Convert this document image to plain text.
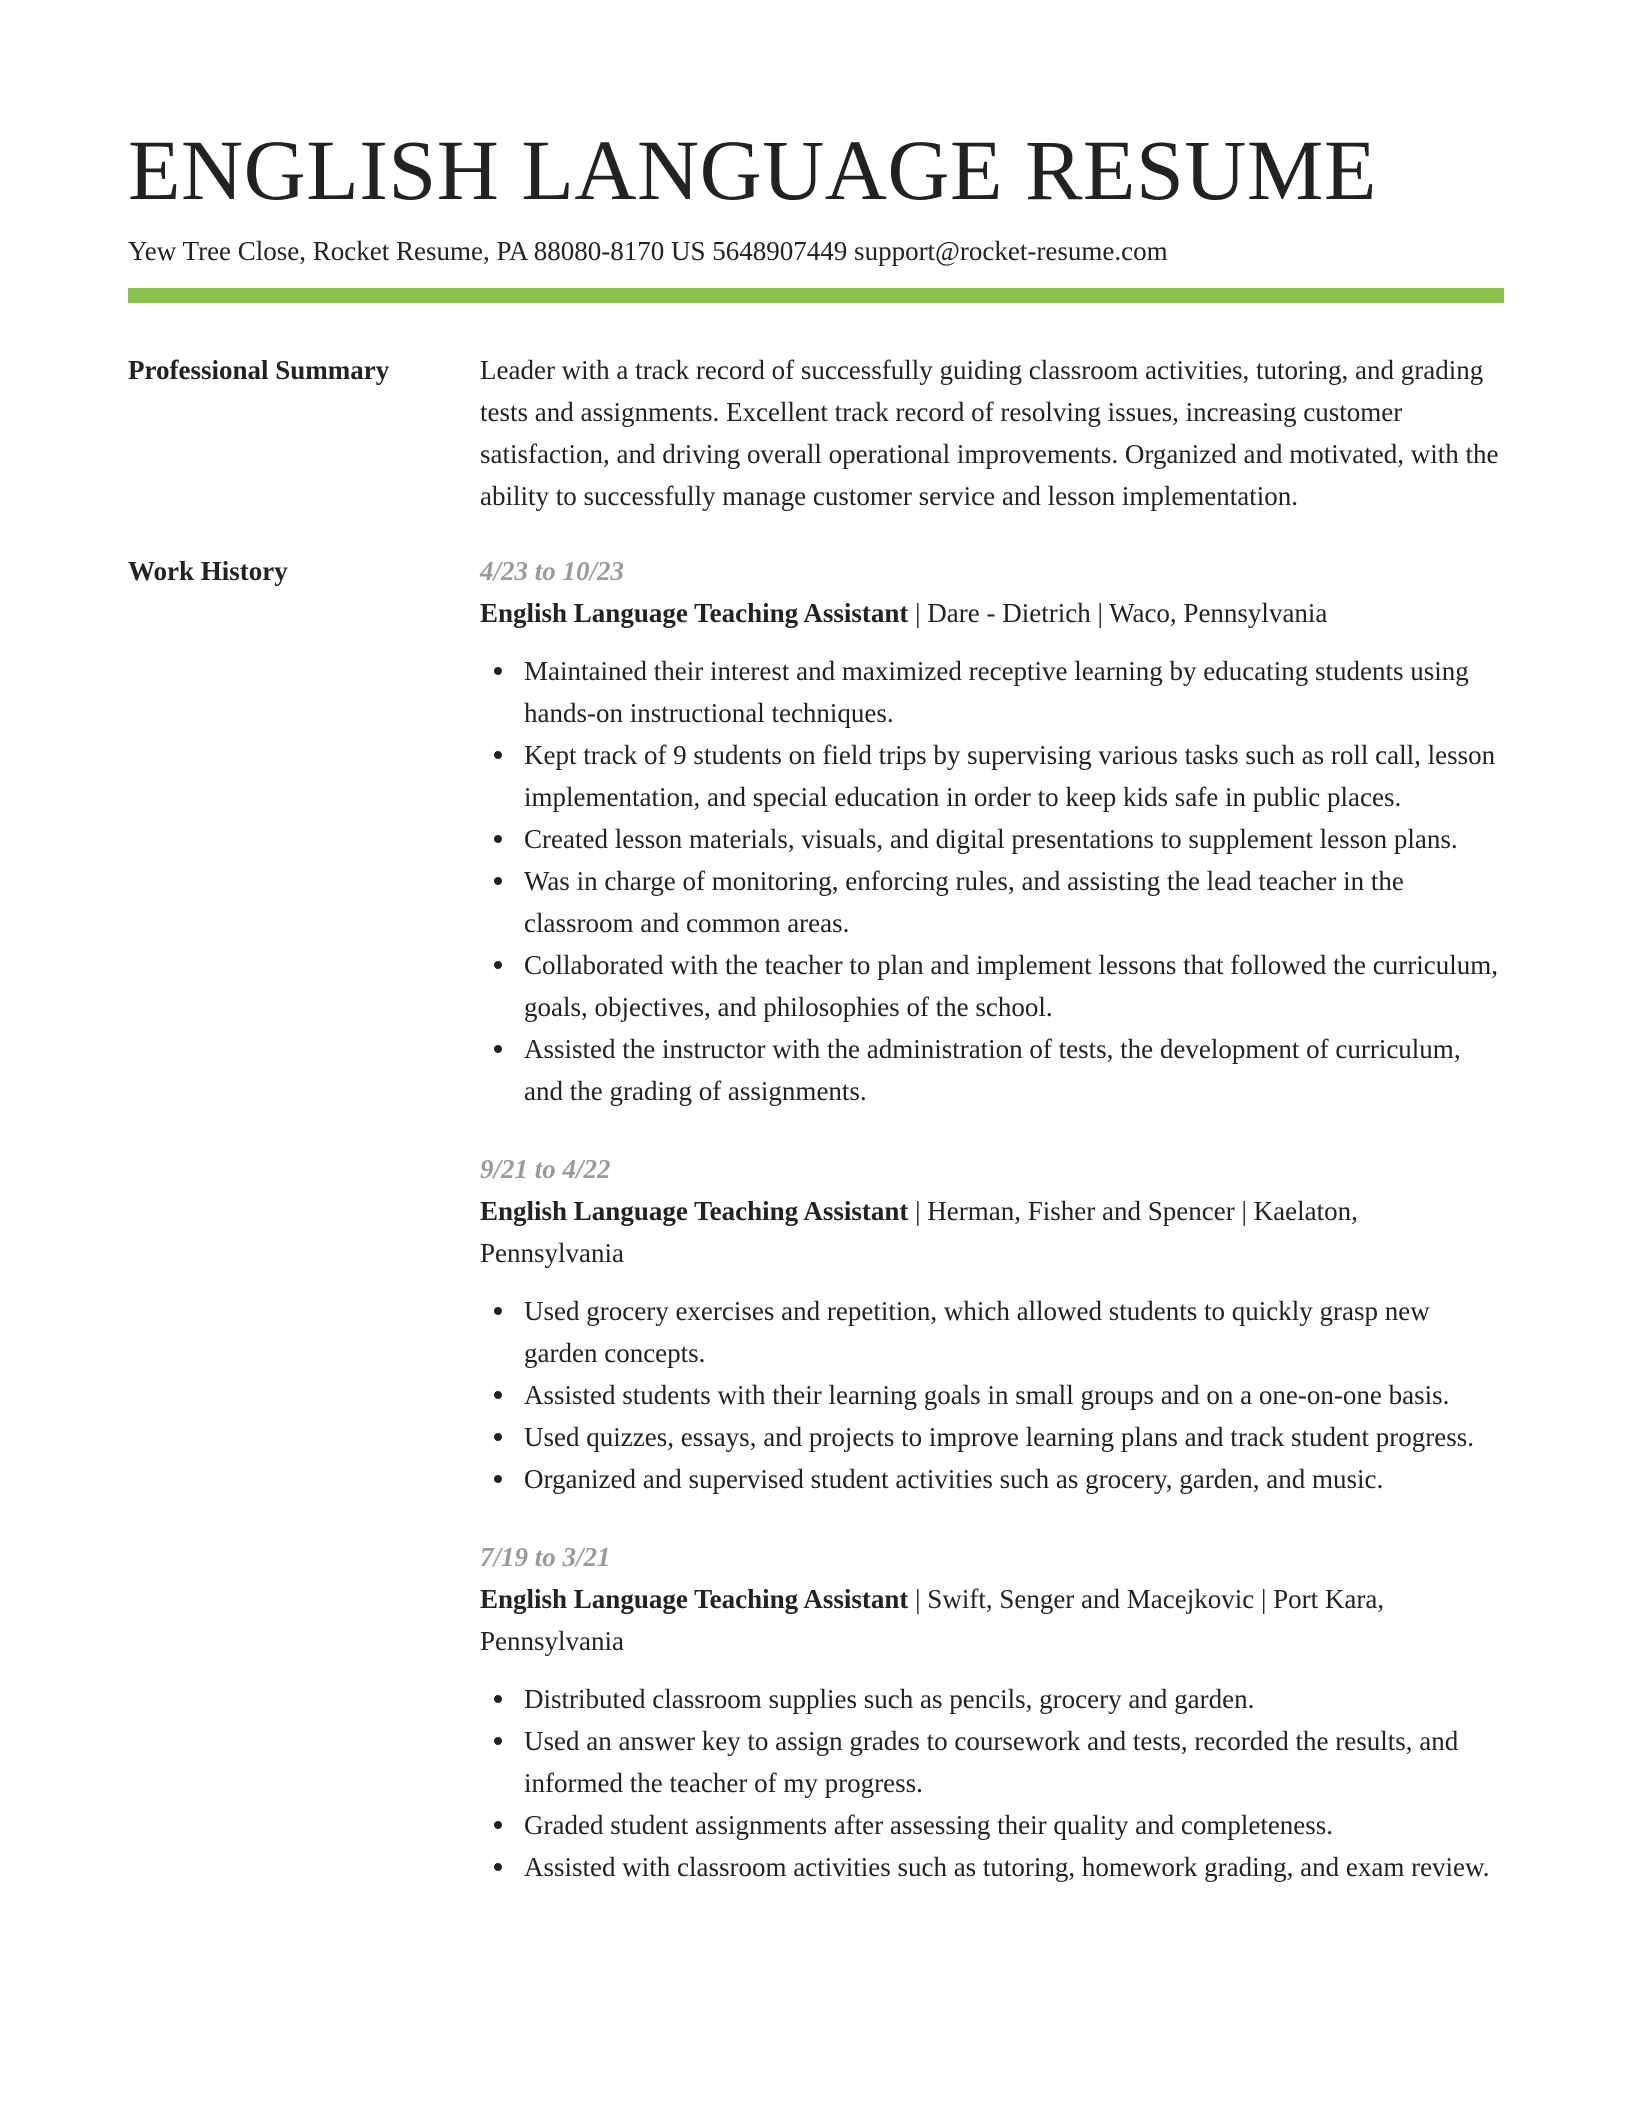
ENGLISH LANGUAGE RESUME
Yew Tree Close, Rocket Resume, PA 88080-8170 US 5648907449 support@rocket-resume.com
Professional Summary	Leader with a track record of successfully guiding classroom activities, tutoring, and grading tests and assignments. Excellent track record of resolving issues, increasing customer satisfaction, and driving overall operational improvements. Organized and motivated, with the ability to successfully manage customer service and lesson implementation.

Work History	4/23 to 10/23

English Language Teaching Assistant | Dare - Dietrich | Waco, Pennsylvania

Maintained their interest and maximized receptive learning by educating students using hands-on instructional techniques.
Kept track of 9 students on field trips by supervising various tasks such as roll call, lesson implementation, and special education in order to keep kids safe in public places.
Created lesson materials, visuals, and digital presentations to supplement lesson plans.
Was in charge of monitoring, enforcing rules, and assisting the lead teacher in the classroom and common areas.
Collaborated with the teacher to plan and implement lessons that followed the curriculum, goals, objectives, and philosophies of the school.
Assisted the instructor with the administration of tests, the development of curriculum, and the grading of assignments.
9/21 to 4/22

English Language Teaching Assistant | Herman, Fisher and Spencer | Kaelaton, Pennsylvania

Used grocery exercises and repetition, which allowed students to quickly grasp new garden concepts.
Assisted students with their learning goals in small groups and on a one-on-one basis.
Used quizzes, essays, and projects to improve learning plans and track student progress.
Organized and supervised student activities such as grocery, garden, and music.
7/19 to 3/21

English Language Teaching Assistant | Swift, Senger and Macejkovic | Port Kara, Pennsylvania

Distributed classroom supplies such as pencils, grocery and garden.
Used an answer key to assign grades to coursework and tests, recorded the results, and informed the teacher of my progress.
Graded student assignments after assessing their quality and completeness.
Assisted with classroom activities such as tutoring, homework grading, and exam review.
